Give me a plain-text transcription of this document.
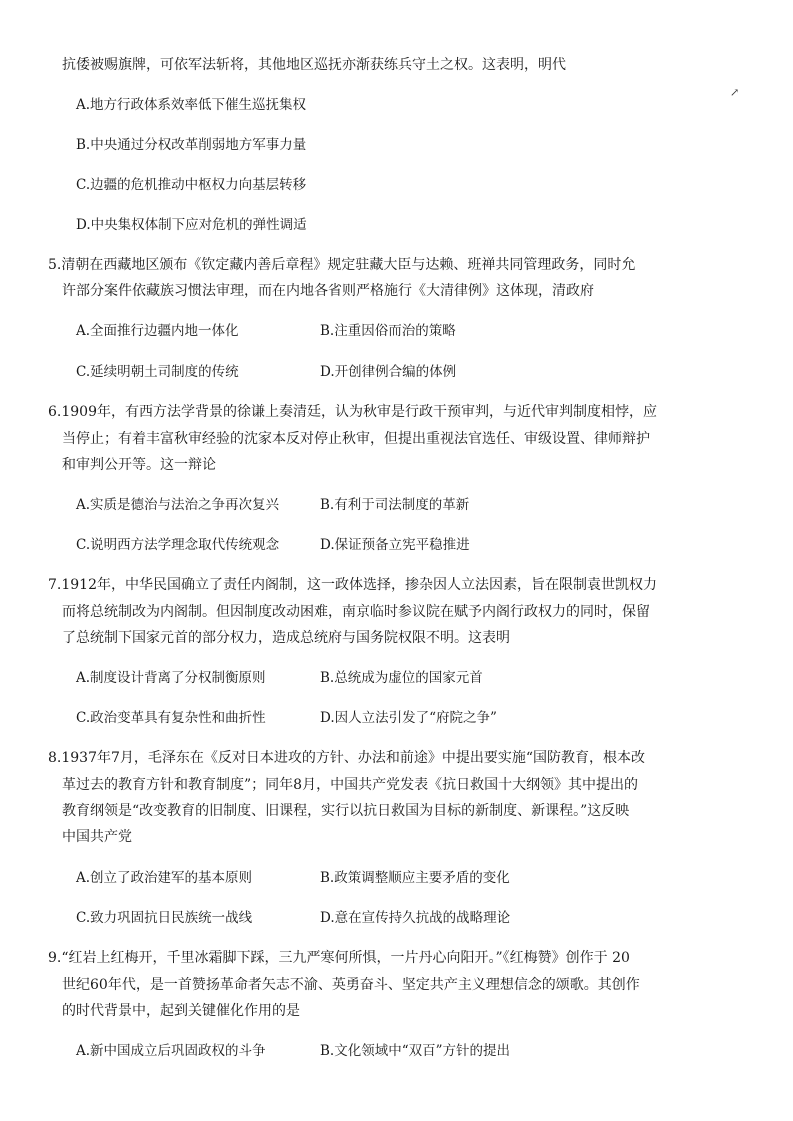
↗
抗倭被赐旗牌，可依军法斩将，其他地区巡抚亦渐获练兵守土之权。这表明，明代
A.地方行政体系效率低下催生巡抚集权
B.中央通过分权改革削弱地方军事力量
C.边疆的危机推动中枢权力向基层转移
D.中央集权体制下应对危机的弹性调适
5.清朝在西藏地区颁布《钦定藏内善后章程》规定驻藏大臣与达赖、班禅共同管理政务，同时允
许部分案件依藏族习惯法审理，而在内地各省则严格施行《大清律例》这体现，清政府
A.全面推行边疆内地一体化	B.注重因俗而治的策略
C.延续明朝土司制度的传统	D.开创律例合编的体例
6.1909年，有西方法学背景的徐谦上奏清廷，认为秋审是行政干预审判，与近代审判制度相悖，应
当停止；有着丰富秋审经验的沈家本反对停止秋审，但提出重视法官选任、审级设置、律师辩护
和审判公开等。这一辩论
A.实质是德治与法治之争再次复兴	B.有利于司法制度的革新
C.说明西方法学理念取代传统观念	D.保证预备立宪平稳推进
7.1912年，中华民国确立了责任内阁制，这一政体选择，掺杂因人立法因素，旨在限制袁世凯权力
而将总统制改为内阁制。但因制度改动困难，南京临时参议院在赋予内阁行政权力的同时，保留
了总统制下国家元首的部分权力，造成总统府与国务院权限不明。这表明
A.制度设计背离了分权制衡原则	B.总统成为虚位的国家元首
C.政治变革具有复杂性和曲折性	D.因人立法引发了“府院之争”
8.1937年7月，毛泽东在《反对日本进攻的方针、办法和前途》中提出要实施“国防教育，根本改
革过去的教育方针和教育制度”；同年8月，中国共产党发表《抗日救国十大纲领》其中提出的
教育纲领是“改变教育的旧制度、旧课程，实行以抗日救国为目标的新制度、新课程。”这反映
中国共产党
A.创立了政治建军的基本原则	B.政策调整顺应主要矛盾的变化
C.致力巩固抗日民族统一战线	D.意在宣传持久抗战的战略理论
9.“红岩上红梅开，千里冰霜脚下踩，三九严寒何所惧，一片丹心向阳开。”《红梅赞》创作于 20
世纪60年代，是一首赞扬革命者矢志不渝、英勇奋斗、坚定共产主义理想信念的颂歌。其创作
的时代背景中，起到关键催化作用的是
A.新中国成立后巩固政权的斗争	B.文化领域中“双百”方针的提出
